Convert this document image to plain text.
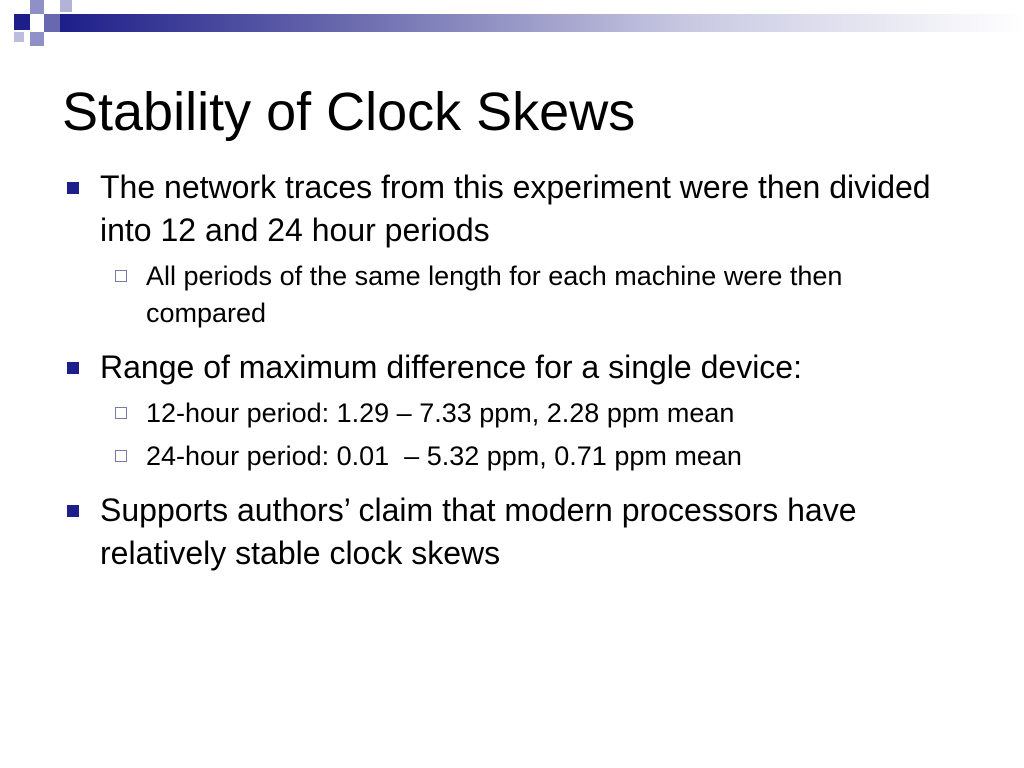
Stability of Clock Skews
The network traces from this experiment were then divided into 12 and 24 hour periods
All periods of the same length for each machine were then compared
Range of maximum difference for a single device:
12-hour period: 1.29 – 7.33 ppm, 2.28 ppm mean
24-hour period: 0.01  – 5.32 ppm, 0.71 ppm mean
Supports authors’ claim that modern processors have relatively stable clock skews
